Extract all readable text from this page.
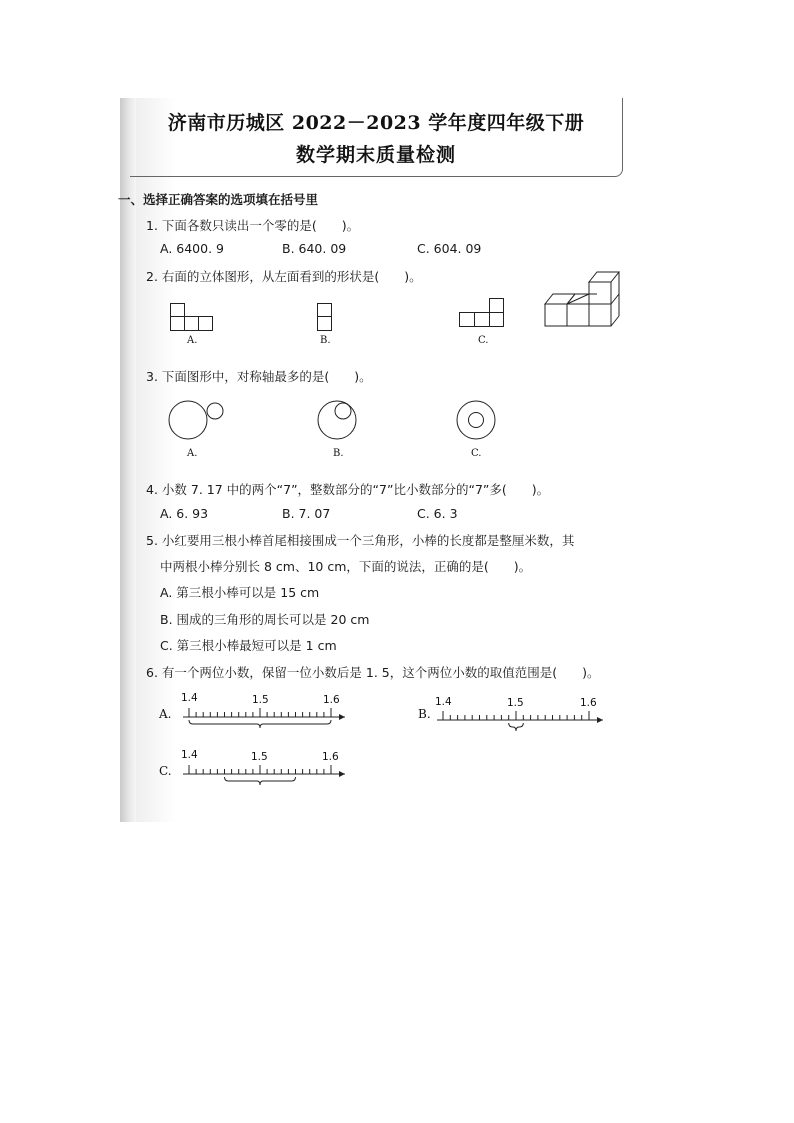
济南市历城区 2022－2023 学年度四年级下册
数学期末质量检测
一、选择正确答案的选项填在括号里
1. 下面各数只读出一个零的是(　　)。
A. 6400. 9	B. 640. 09	C. 604. 09
2. 右面的立体图形，从左面看到的形状是(　　)。
A.	B.	C.
3. 下面图形中，对称轴最多的是(　　)。
A.	B.	C.
4. 小数 7. 17 中的两个“7”，整数部分的“7”比小数部分的“7”多(　　)。
A. 6. 93	B. 7. 07	C. 6. 3
5. 小红要用三根小棒首尾相接围成一个三角形，小棒的长度都是整厘米数，其
中两根小棒分别长 8 cm、10 cm，下面的说法，正确的是(　　)。
A. 第三根小棒可以是 15 cm
B. 围成的三角形的周长可以是 20 cm
C. 第三根小棒最短可以是 1 cm
6. 有一个两位小数，保留一位小数后是 1. 5，这个两位小数的取值范围是(　　)。
A.
1.4	1.5	1.6
B.
1.4	1.5	1.6
C.
1.4	1.5	1.6
